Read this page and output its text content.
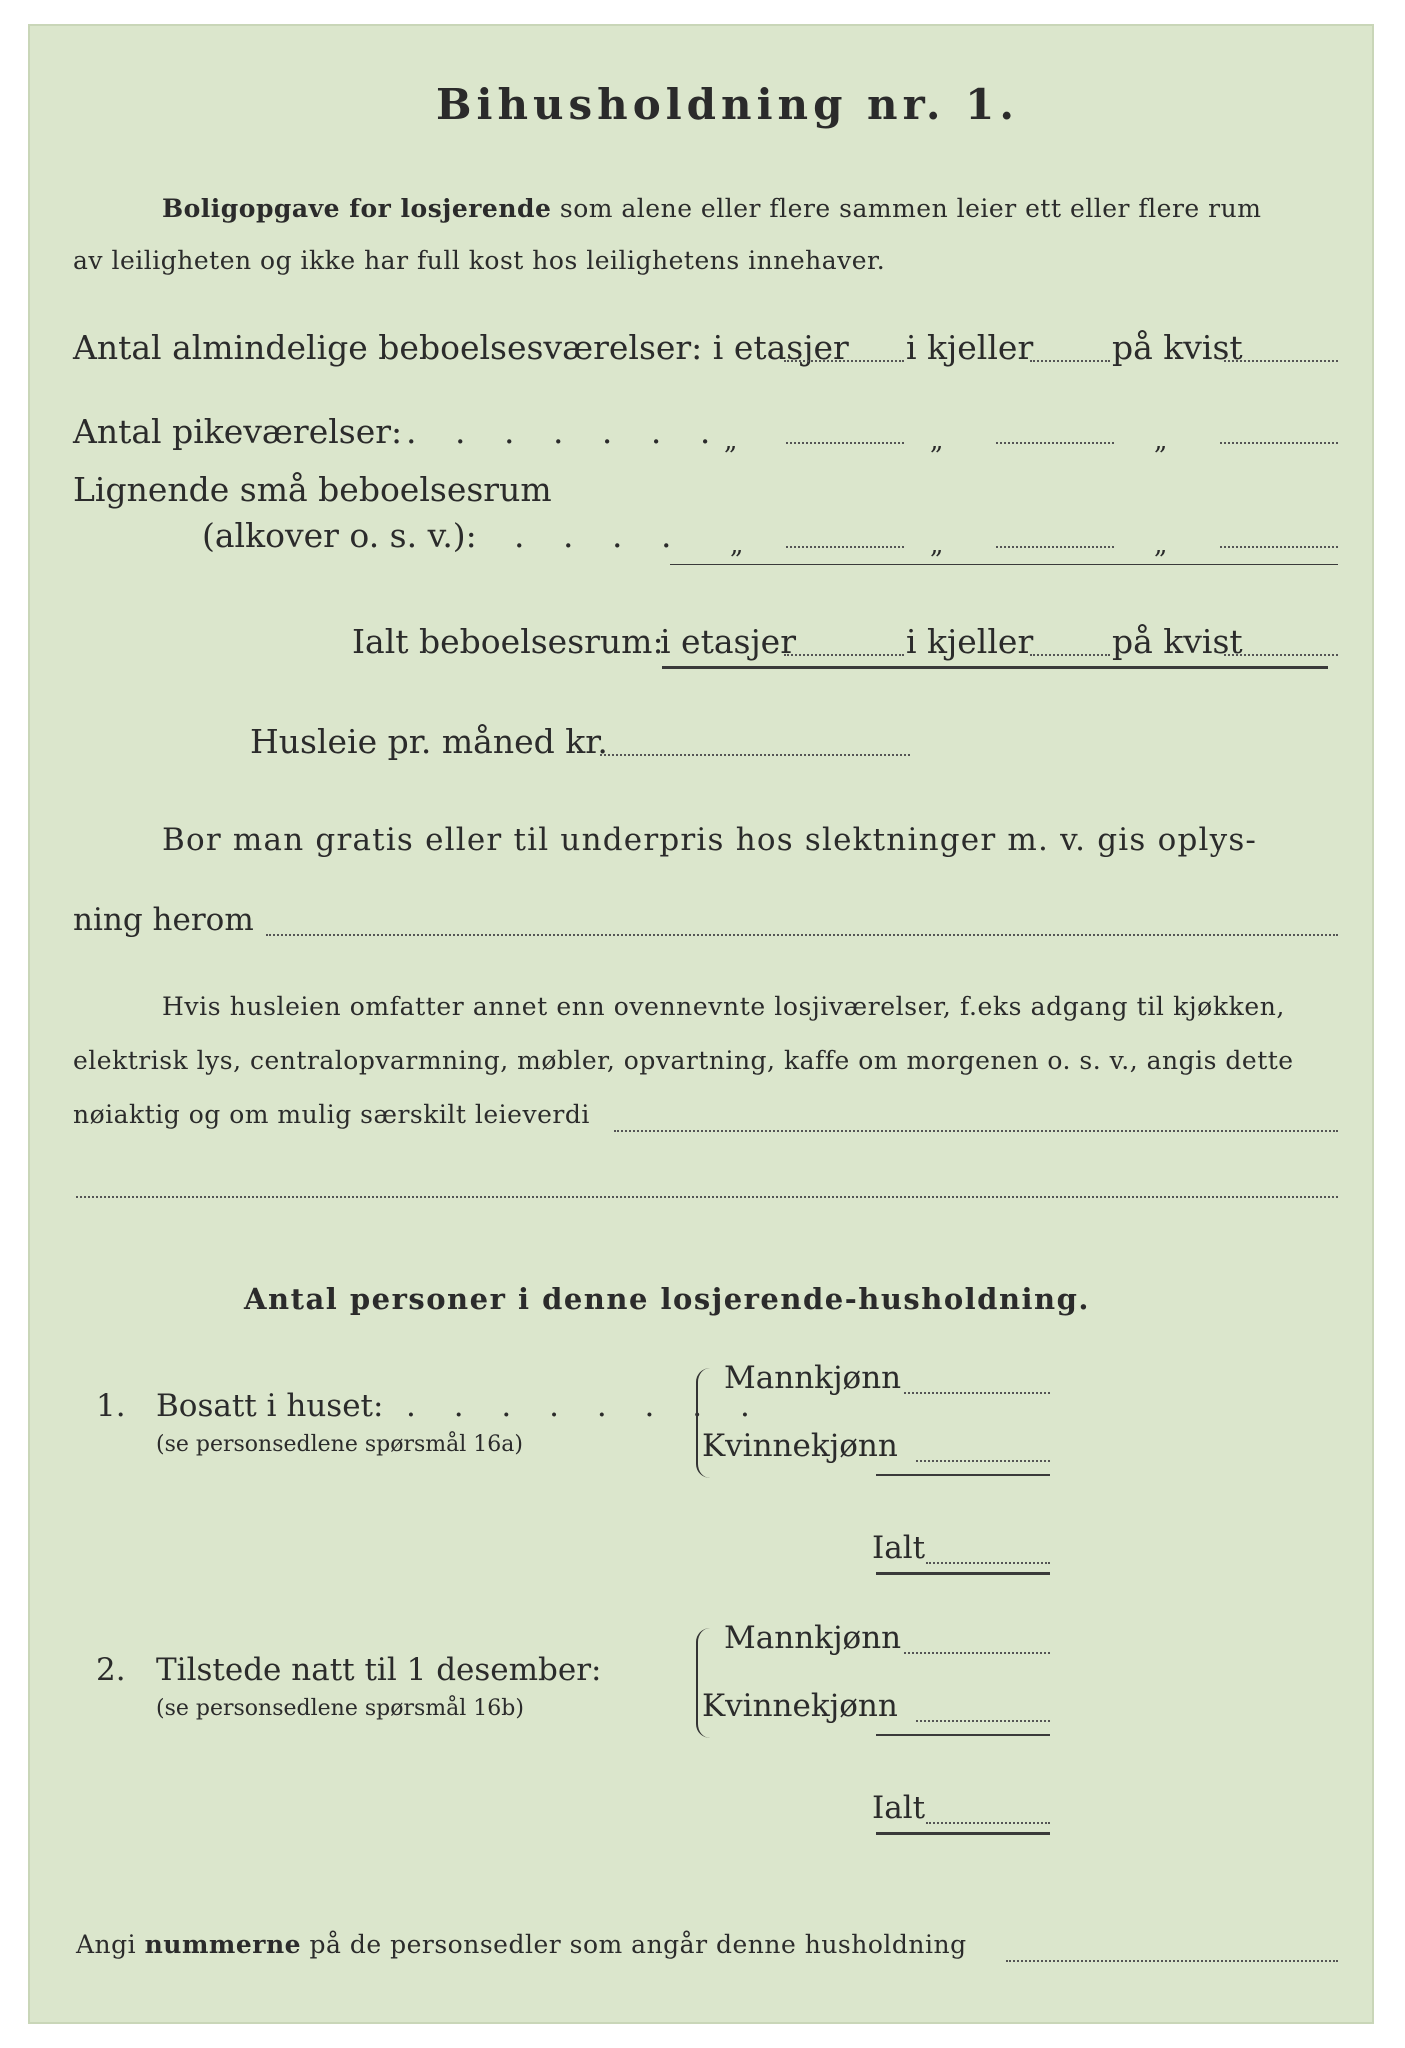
Bihusholdning nr. 1.
Boligopgave for losjerende som alene eller flere sammen leier ett eller flere rum
av leiligheten og ikke har full kost hos leilighetens innehaver.
Antal almindelige beboelsesværelser: i etasjer i kjeller på kvist
Antal pikeværelser: . . . . . . . „	„	„
Lignende små beboelsesrum
(alkover o. s. v.): . . . . „	„	„
Ialt beboelsesrum:
i etasjer	i kjeller på kvist
Husleie pr. måned kr.
Bor man gratis eller til underpris hos slektninger m. v. gis oplys-
ning herom
Hvis husleien omfatter annet enn ovennevnte losjiværelser, f.eks adgang til kjøkken,
elektrisk lys, centralopvarmning, møbler, opvartning, kaffe om morgenen o. s. v., angis dette
nøiaktig og om mulig særskilt leieverdi
Antal personer i denne losjerende-husholdning.
1. Bosatt i huset: . . . . . . . .
(se personsedlene spørsmål 16a)
Mannkjønn
Kvinnekjønn
Ialt
2. Tilstede natt til 1 desember:
(se personsedlene spørsmål 16b)
Mannkjønn
Kvinnekjønn
Ialt
Angi nummerne på de personsedler som angår denne husholdning
